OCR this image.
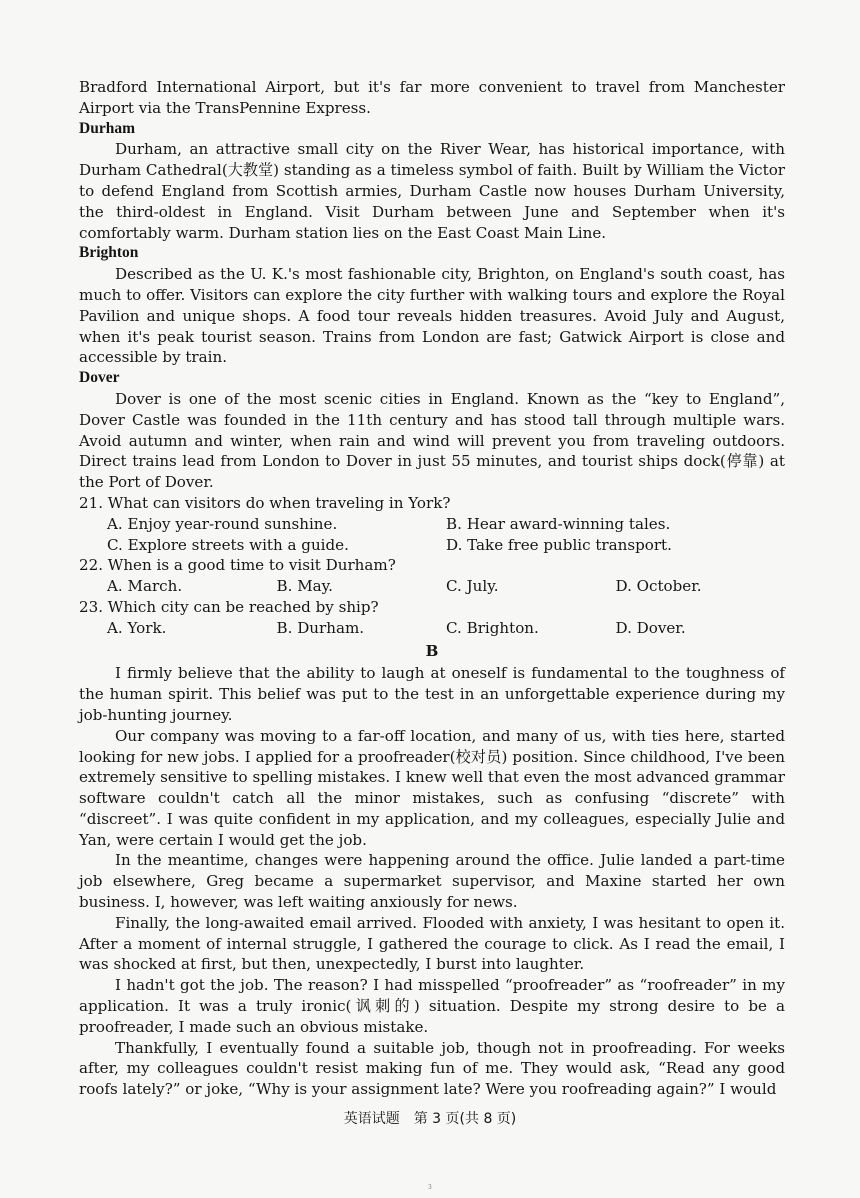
Bradford International Airport, but it's far more convenient to travel from Manchester Airport via the TransPennine Express.

Durham

Durham, an attractive small city on the River Wear, has historical importance, with Durham Cathedral(大教堂) standing as a timeless symbol of faith. Built by William the Victor to defend England from Scottish armies, Durham Castle now houses Durham University, the third-oldest in England. Visit Durham between June and September when it's comfortably warm. Durham station lies on the East Coast Main Line.

Brighton

Described as the U. K.'s most fashionable city, Brighton, on England's south coast, has much to offer. Visitors can explore the city further with walking tours and explore the Royal Pavilion and unique shops. A food tour reveals hidden treasures. Avoid July and August, when it's peak tourist season. Trains from London are fast; Gatwick Airport is close and accessible by train.

Dover

Dover is one of the most scenic cities in England. Known as the “key to England”, Dover Castle was founded in the 11th century and has stood tall through multiple wars. Avoid autumn and winter, when rain and wind will prevent you from traveling outdoors. Direct trains lead from London to Dover in just 55 minutes, and tourist ships dock(停靠) at the Port of Dover.

21. What can visitors do when traveling in York?

A. Enjoy year-round sunshine.	B. Hear award-winning tales.
C. Explore streets with a guide.	D. Take free public transport.

22. When is a good time to visit Durham?

A. March.	B. May.	C. July.	D. October.

23. Which city can be reached by ship?

A. York.	B. Durham.	C. Brighton.	D. Dover.
B

I firmly believe that the ability to laugh at oneself is fundamental to the toughness of the human spirit. This belief was put to the test in an unforgettable experience during my job-hunting journey.

Our company was moving to a far-off location, and many of us, with ties here, started looking for new jobs. I applied for a proofreader(校对员) position. Since childhood, I've been extremely sensitive to spelling mistakes. I knew well that even the most advanced grammar software couldn't catch all the minor mistakes, such as confusing “discrete” with “discreet”. I was quite confident in my application, and my colleagues, especially Julie and Yan, were certain I would get the job.

In the meantime, changes were happening around the office. Julie landed a part-time job elsewhere, Greg became a supermarket supervisor, and Maxine started her own business. I, however, was left waiting anxiously for news.

Finally, the long-awaited email arrived. Flooded with anxiety, I was hesitant to open it. After a moment of internal struggle, I gathered the courage to click. As I read the email, I was shocked at first, but then, unexpectedly, I burst into laughter.

I hadn't got the job. The reason? I had misspelled “proofreader” as “roofreader” in my application. It was a truly ironic(讽刺的) situation. Despite my strong desire to be a proofreader, I made such an obvious mistake.

Thankfully, I eventually found a suitable job, though not in proofreading. For weeks after, my colleagues couldn't resist making fun of me. They would ask, “Read any good roofs lately?” or joke, “Why is your assignment late? Were you roofreading again?” I would

英语试题　第 3 页(共 8 页)
3
